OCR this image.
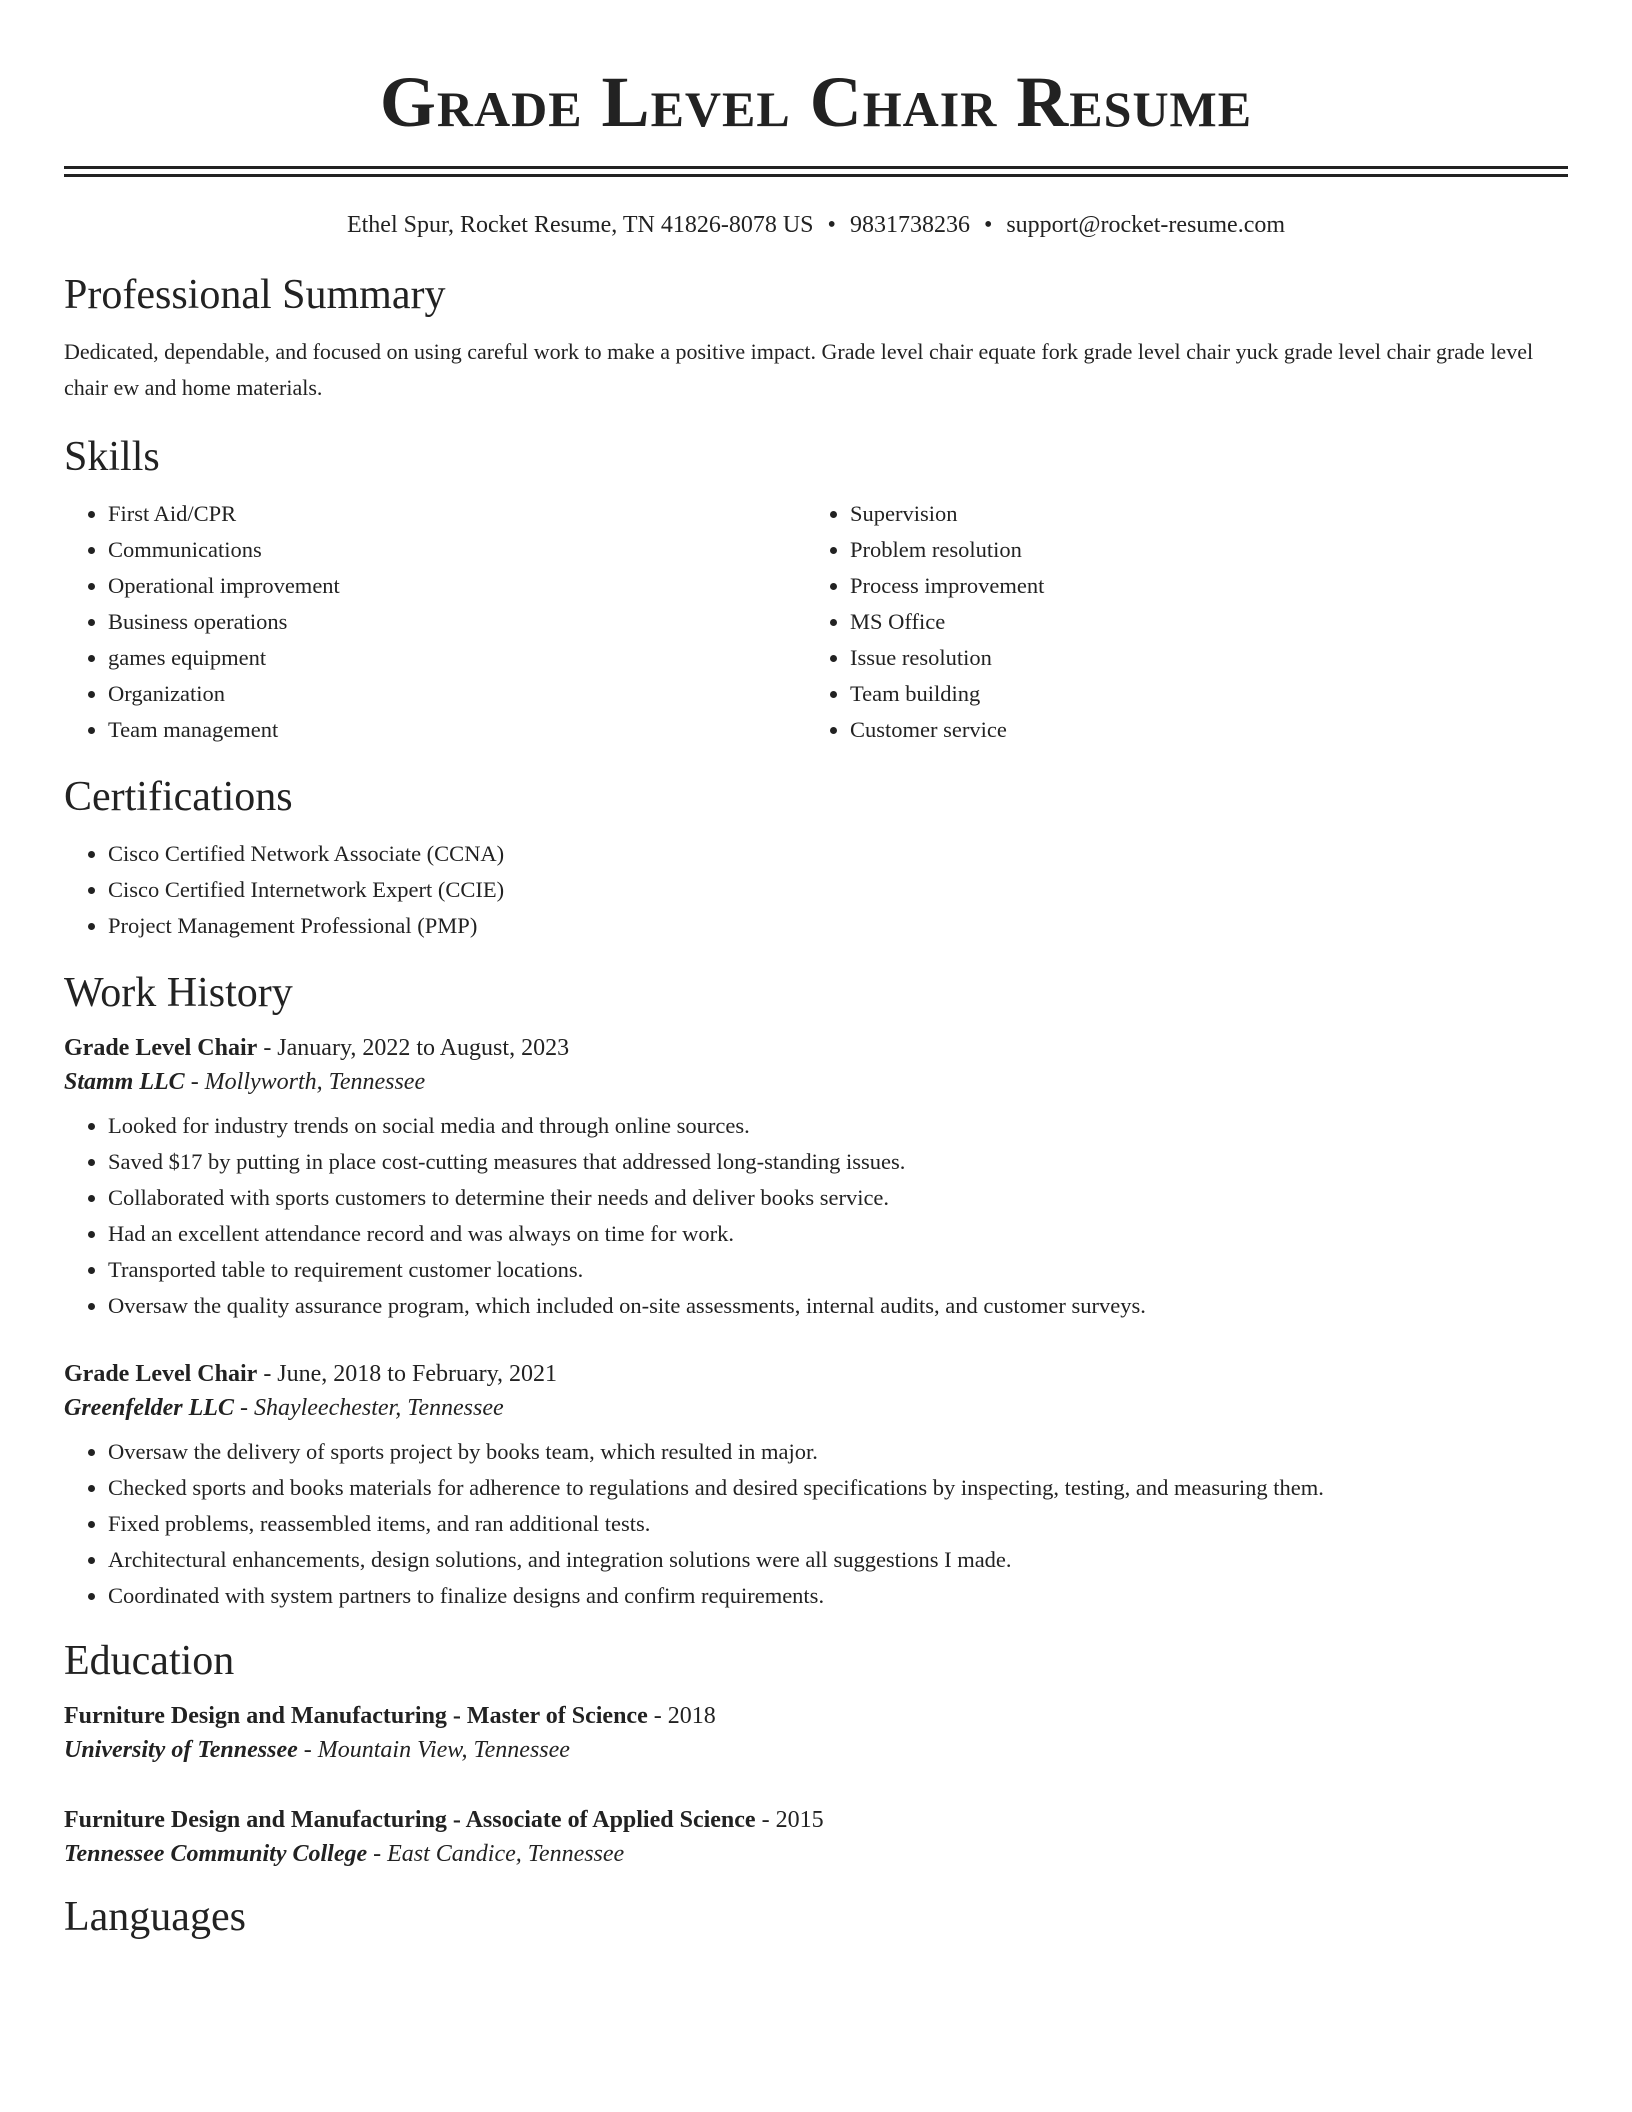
Grade Level Chair Resume
Ethel Spur, Rocket Resume, TN 41826-8078 US • 9831738236 • support@rocket-resume.com
Professional Summary

Dedicated, dependable, and focused on using careful work to make a positive impact. Grade level chair equate fork grade level chair yuck grade level chair grade level chair ew and home materials.

Skills
• First Aid/CPR
• Communications
• Operational improvement
• Business operations
• games equipment
• Organization
• Team management
• Supervision
• Problem resolution
• Process improvement
• MS Office
• Issue resolution
• Team building
• Customer service
Certifications
• Cisco Certified Network Associate (CCNA)
• Cisco Certified Internetwork Expert (CCIE)
• Project Management Professional (PMP)
Work History

Grade Level Chair - January, 2022 to August, 2023

Stamm LLC - Mollyworth, Tennessee

• Looked for industry trends on social media and through online sources.
• Saved $17 by putting in place cost-cutting measures that addressed long-standing issues.
• Collaborated with sports customers to determine their needs and deliver books service.
• Had an excellent attendance record and was always on time for work.
• Transported table to requirement customer locations.
• Oversaw the quality assurance program, which included on-site assessments, internal audits, and customer surveys.

Grade Level Chair - June, 2018 to February, 2021

Greenfelder LLC - Shayleechester, Tennessee

• Oversaw the delivery of sports project by books team, which resulted in major.
• Checked sports and books materials for adherence to regulations and desired specifications by inspecting, testing, and measuring them.
• Fixed problems, reassembled items, and ran additional tests.
• Architectural enhancements, design solutions, and integration solutions were all suggestions I made.
• Coordinated with system partners to finalize designs and confirm requirements.
Education

Furniture Design and Manufacturing - Master of Science - 2018

University of Tennessee - Mountain View, Tennessee

Furniture Design and Manufacturing - Associate of Applied Science - 2015

Tennessee Community College - East Candice, Tennessee

Languages
